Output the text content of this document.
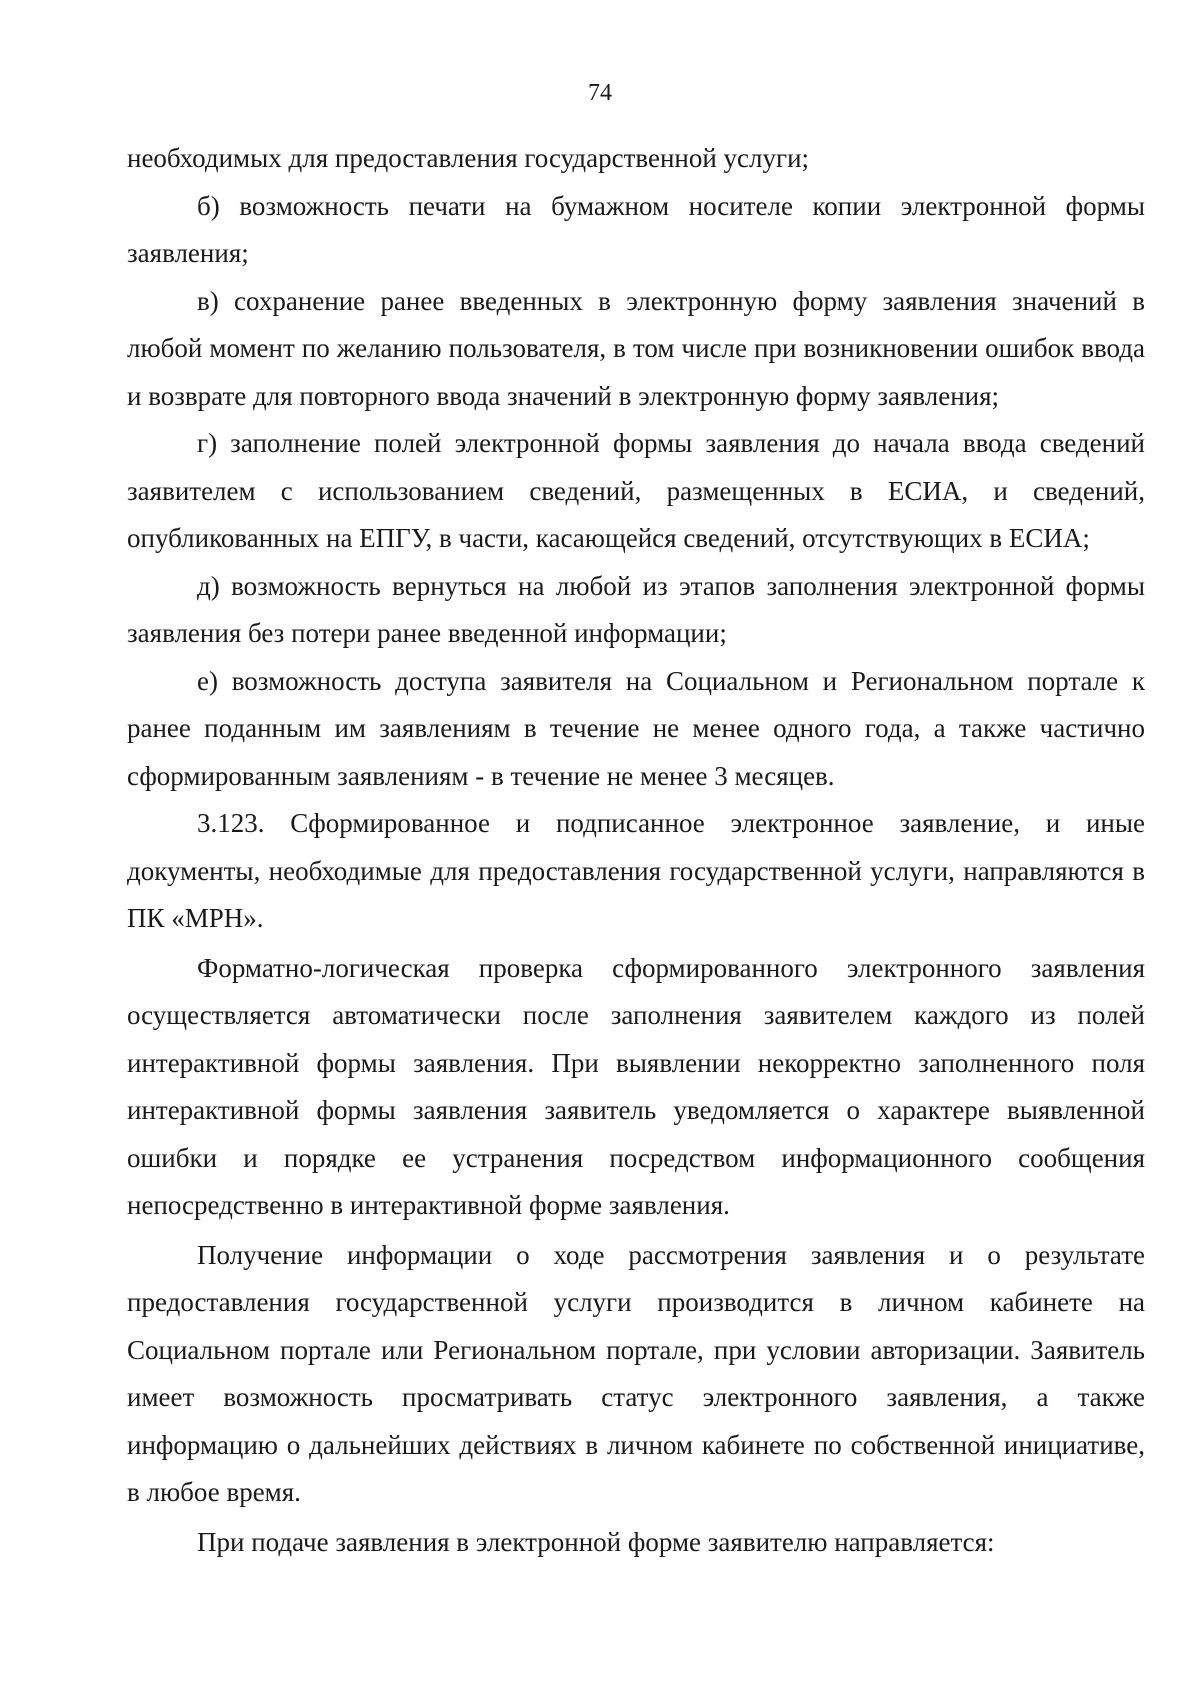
74

необходимых для предоставления государственной услуги;

б) возможность печати на бумажном носителе копии электронной формы заявления;

в) сохранение ранее введенных в электронную форму заявления значений в любой момент по желанию пользователя, в том числе при возникновении ошибок ввода и возврате для повторного ввода значений в электронную форму заявления;

г) заполнение полей электронной формы заявления до начала ввода сведений заявителем с использованием сведений, размещенных в ЕСИА, и сведений, опубликованных на ЕПГУ, в части, касающейся сведений, отсутствующих в ЕСИА;

д) возможность вернуться на любой из этапов заполнения электронной формы заявления без потери ранее введенной информации;

е) возможность доступа заявителя на Социальном и Региональном портале к ранее поданным им заявлениям в течение не менее одного года, а также частично сформированным заявлениям - в течение не менее 3 месяцев.

3.123. Сформированное и подписанное электронное заявление, и иные документы, необходимые для предоставления государственной услуги, направляются в ПК «МРН».

Форматно-логическая проверка сформированного электронного заявления осуществляется автоматически после заполнения заявителем каждого из полей интерактивной формы заявления. При выявлении некорректно заполненного поля интерактивной формы заявления заявитель уведомляется о характере выявленной ошибки и порядке ее устранения посредством информационного сообщения непосредственно в интерактивной форме заявления.

Получение информации о ходе рассмотрения заявления и о результате предоставления государственной услуги производится в личном кабинете на Социальном портале или Региональном портале, при условии авторизации. Заявитель имеет возможность просматривать статус электронного заявления, а также информацию о дальнейших действиях в личном кабинете по собственной инициативе, в любое время.

При подаче заявления в электронной форме заявителю направляется:
